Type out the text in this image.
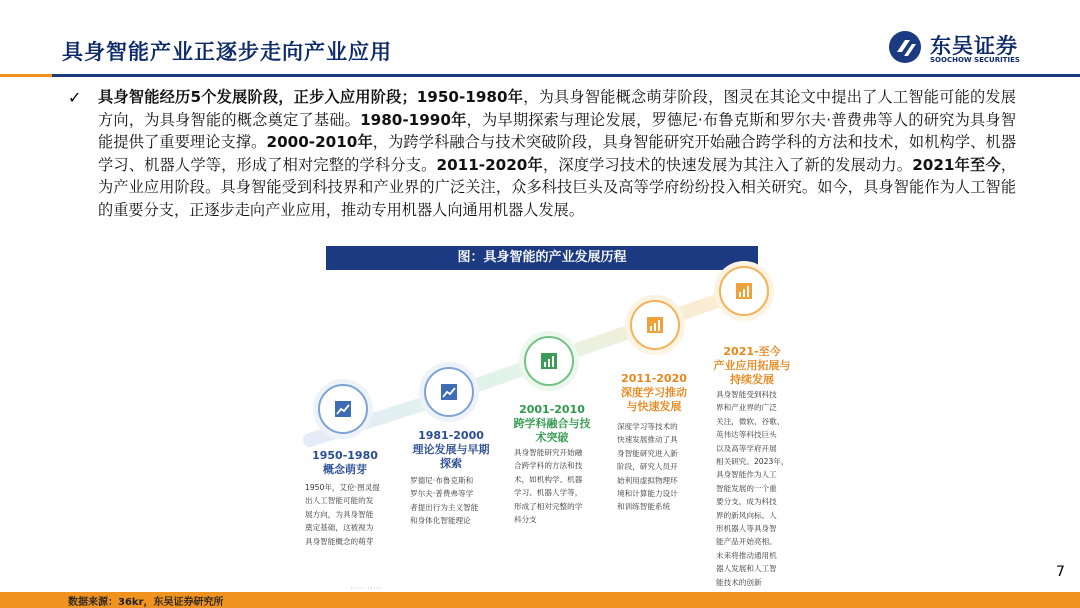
具身智能产业正逐步走向产业应用	东吴证券
SOOCHOW SECURITIES
✓ 具身智能经历5个发展阶段，正步入应用阶段；1950-1980年，为具身智能概念萌芽阶段，图灵在其论文中提出了人工智能可能的发展方向，为具身智能的概念奠定了基础。1980-1990年，为早期探索与理论发展，罗德尼·布鲁克斯和罗尔夫·普费弗等人的研究为具身智能提供了重要理论支撑。2000-2010年，为跨学科融合与技术突破阶段，具身智能研究开始融合跨学科的方法和技术，如机构学、机器学习、机器人学等，形成了相对完整的学科分支。2011-2020年，深度学习技术的快速发展为其注入了新的发展动力。2021年至今，为产业应用阶段。具身智能受到科技界和产业界的广泛关注，众多科技巨头及高等学府纷纷投入相关研究。如今，具身智能作为人工智能的重要分支，正逐步走向产业应用，推动专用机器人向通用机器人发展。
图：具身智能的产业发展历程
1950-1980
概念萌芽
1950年，艾伦·图灵提
出人工智能可能的发
展方向，为具身智能
奠定基础，这被视为
具身智能概念的萌芽
1981-2000
理论发展与早期
探索
罗德尼·布鲁克斯和
罗尔夫·普费弗等学
者提出行为主义智能
和身体化智能理论
2001-2010
跨学科融合与技
术突破
具身智能研究开始融
合跨学科的方法和技
术，如机构学、机器
学习、机器人学等，
形成了相对完整的学
科分支
2011-2020
深度学习推动
与快速发展
深度学习等技术的
快速发展推动了具
身智能研究进入新
阶段，研究人员开
始利用虚拟物理环
境和计算能力设计
和训练智能系统
2021-至今
产业应用拓展与
持续发展
具身智能受到科技
界和产业界的广泛
关注，微软、谷歌、
英伟达等科技巨头
以及高等学府开展
相关研究。2023年，
具身智能作为人工
智能发展的一个重
要分支，成为科技
界的新风向标。人
形机器人等具身智
能产品开始亮相。
未来将推动通用机
器人发展和人工智
能技术的创新
7
····· ·····
数据来源：36kr，东吴证券研究所
